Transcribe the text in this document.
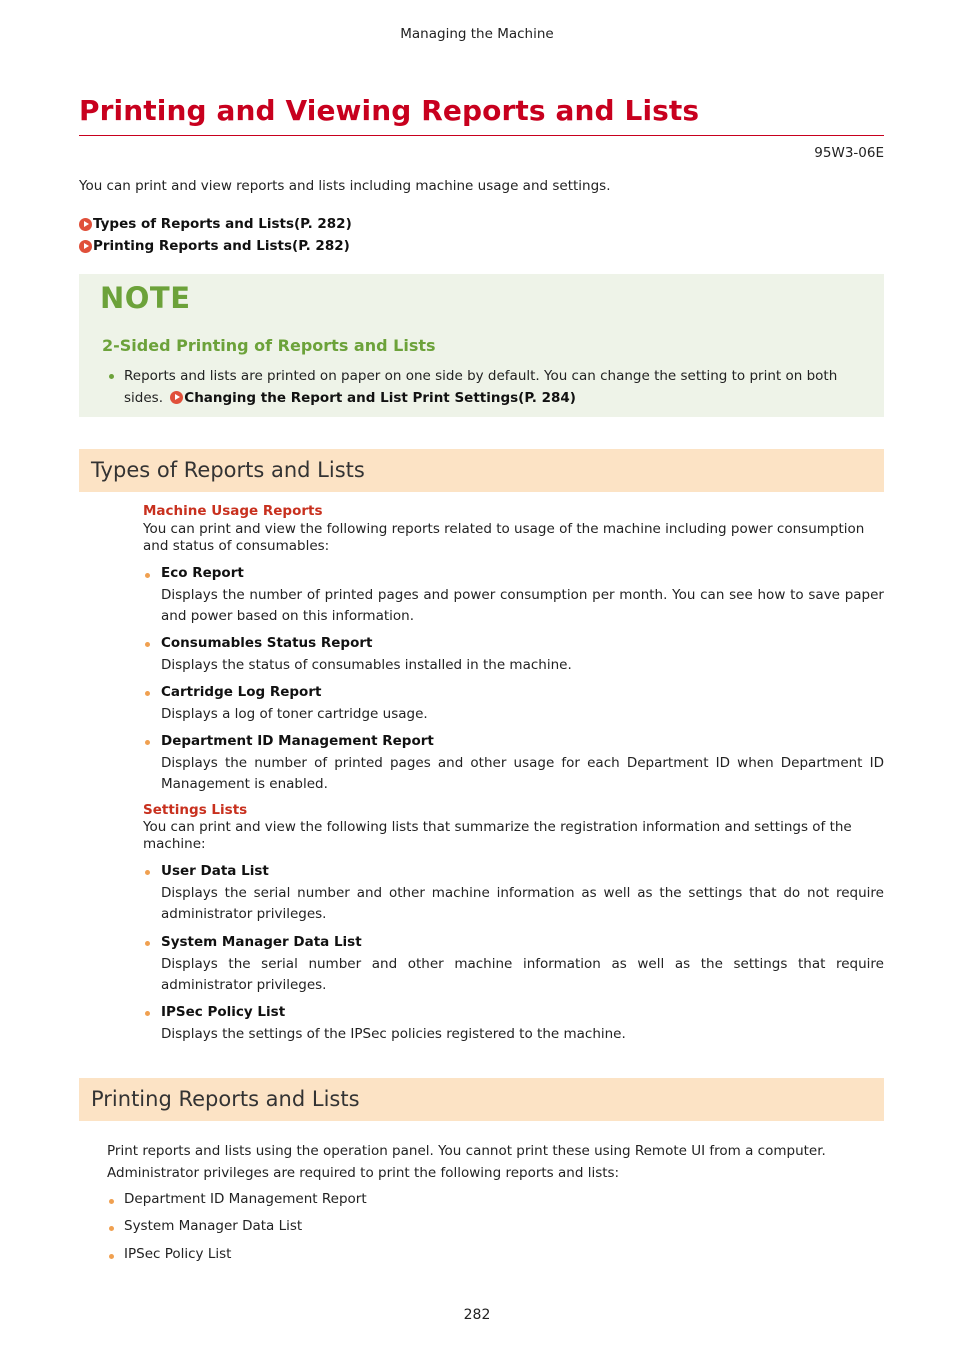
Managing the Machine
Printing and Viewing Reports and Lists
95W3-06E
You can print and view reports and lists including machine usage and settings.
Types of Reports and Lists(P. 282)
Printing Reports and Lists(P. 282)
NOTE
2-Sided Printing of Reports and Lists
Reports and lists are printed on paper on one side by default. You can change the setting to print on both sides. Changing the Report and List Print Settings(P. 284)
Types of Reports and Lists
Machine Usage Reports
You can print and view the following reports related to usage of the machine including power consumption and status of consumables:
Eco Report
Displays the number of printed pages and power consumption per month. You can see how to save paper and power based on this information.
Consumables Status Report
Displays the status of consumables installed in the machine.
Cartridge Log Report
Displays a log of toner cartridge usage.
Department ID Management Report
Displays the number of printed pages and other usage for each Department ID when Department ID Management is enabled.
Settings Lists
You can print and view the following lists that summarize the registration information and settings of the machine:
User Data List
Displays the serial number and other machine information as well as the settings that do not require administrator privileges.
System Manager Data List
Displays the serial number and other machine information as well as the settings that require administrator privileges.
IPSec Policy List
Displays the settings of the IPSec policies registered to the machine.
Printing Reports and Lists
Print reports and lists using the operation panel. You cannot print these using Remote UI from a computer.
Administrator privileges are required to print the following reports and lists:
Department ID Management Report
System Manager Data List
IPSec Policy List
282
